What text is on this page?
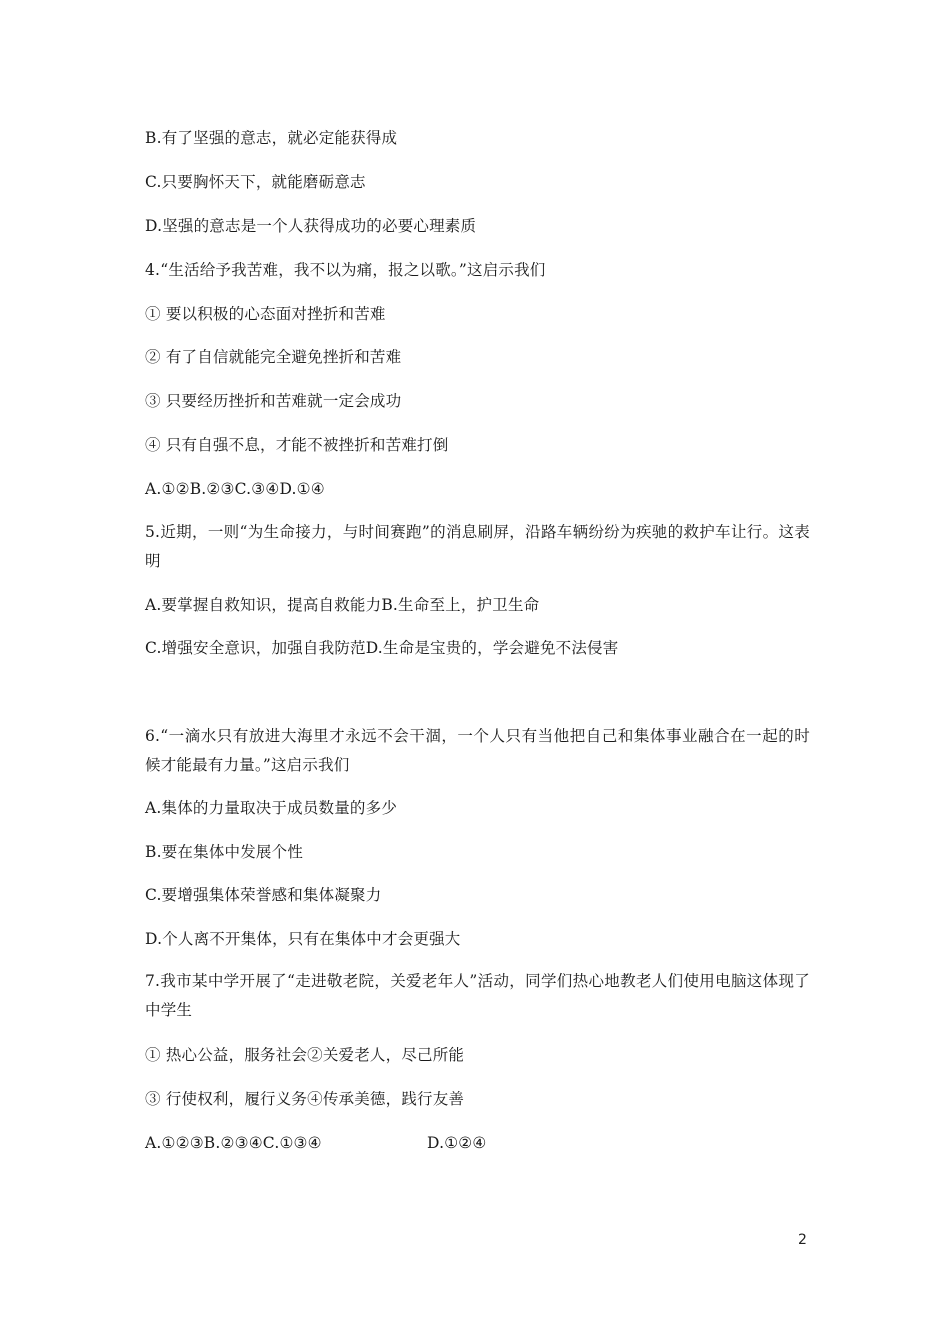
B.有了坚强的意志，就必定能获得成
C.只要胸怀天下，就能磨砺意志
D.坚强的意志是一个人获得成功的必要心理素质
4.“生活给予我苦难，我不以为痛，报之以歌。”这启示我们
① 要以积极的心态面对挫折和苦难
② 有了自信就能完全避免挫折和苦难
③ 只要经历挫折和苦难就一定会成功
④ 只有自强不息，才能不被挫折和苦难打倒
A.①②B.②③C.③④D.①④
5.近期，一则“为生命接力，与时间赛跑”的消息刷屏，沿路车辆纷纷为疾驰的救护车让行。这表明
A.要掌握自救知识，提高自救能力B.生命至上，护卫生命
C.增强安全意识，加强自我防范D.生命是宝贵的，学会避免不法侵害
6.“一滴水只有放进大海里才永远不会干涸，一个人只有当他把自己和集体事业融合在一起的时候才能最有力量。”这启示我们
A.集体的力量取决于成员数量的多少
B.要在集体中发展个性
C.要增强集体荣誉感和集体凝聚力
D.个人离不开集体，只有在集体中才会更强大
7.我市某中学开展了“走进敬老院，关爱老年人”活动，同学们热心地教老人们使用电脑这体现了中学生
① 热心公益，服务社会②关爱老人，尽己所能
③ 行使权利，履行义务④传承美德，践行友善
A.①②③B.②③④C.①③④	D.①②④
2
